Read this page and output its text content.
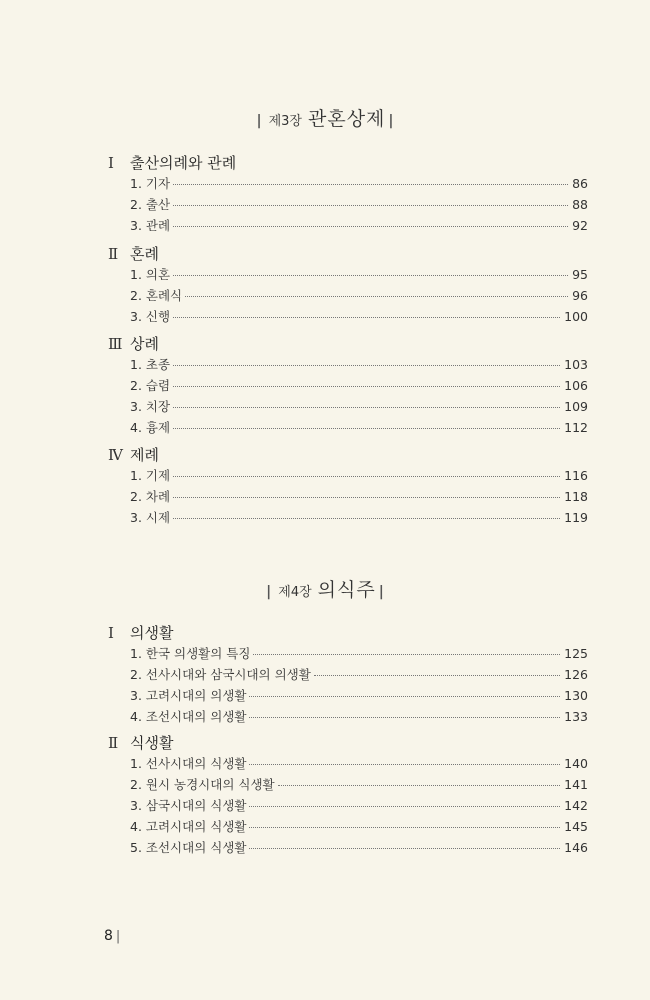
| 제3장 관혼상제 |
Ⅰ	출산의례와 관례
1. 기자	86
2. 출산	88
3. 관례	92
Ⅱ 혼례
1. 의혼	95
2. 혼례식	96
3. 신행	100
Ⅲ 상례
1. 초종	103
2. 습렴	106
3. 치장	109
4. 흉제	112
Ⅳ 제례
1. 기제	116
2. 차례	118
3. 시제	119
| 제4장 의식주 |
Ⅰ	의생활
1. 한국 의생활의 특징	125
2. 선사시대와 삼국시대의 의생활	126
3. 고려시대의 의생활	130
4. 조선시대의 의생활	133
Ⅱ 식생활
1. 선사시대의 식생활	140
2. 원시 농경시대의 식생활	141
3. 삼국시대의 식생활	142
4. 고려시대의 식생활	145
5. 조선시대의 식생활	146
8 |
